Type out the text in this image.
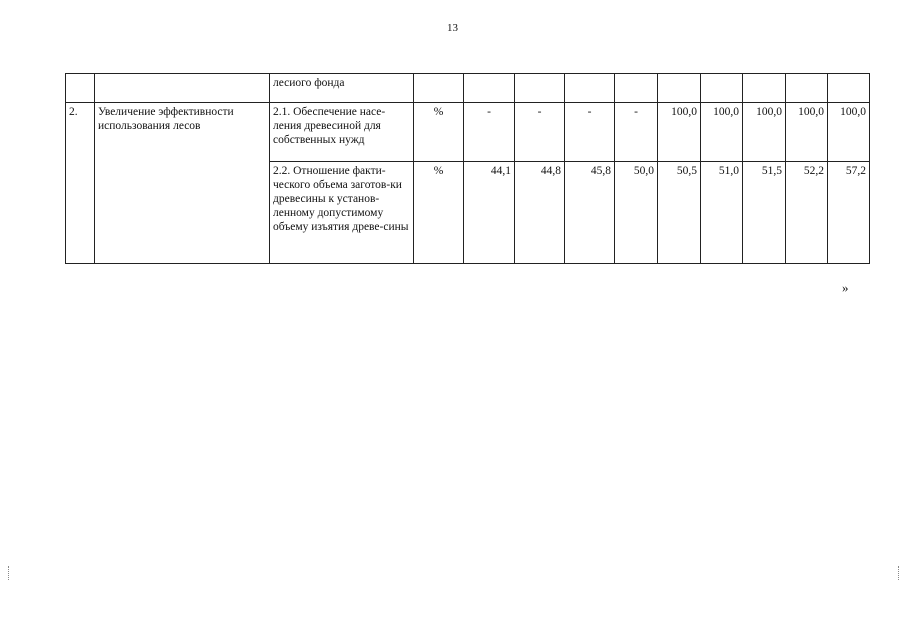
13
		лесиого фонда										
2.	Увеличение эффективности использования лесов	2.1. Обеспечение насе-ления древесиной для собственных нужд	%	-	-	-	-	100,0	100,0	100,0	100,0	100,0
		2.2. Отношение факти-ческого объема заготов-ки древесины к установ-ленному допустимому объему изъятия древе-сины	%	44,1	44,8	45,8	50,0	50,5	51,0	51,5	52,2	57,2
»
